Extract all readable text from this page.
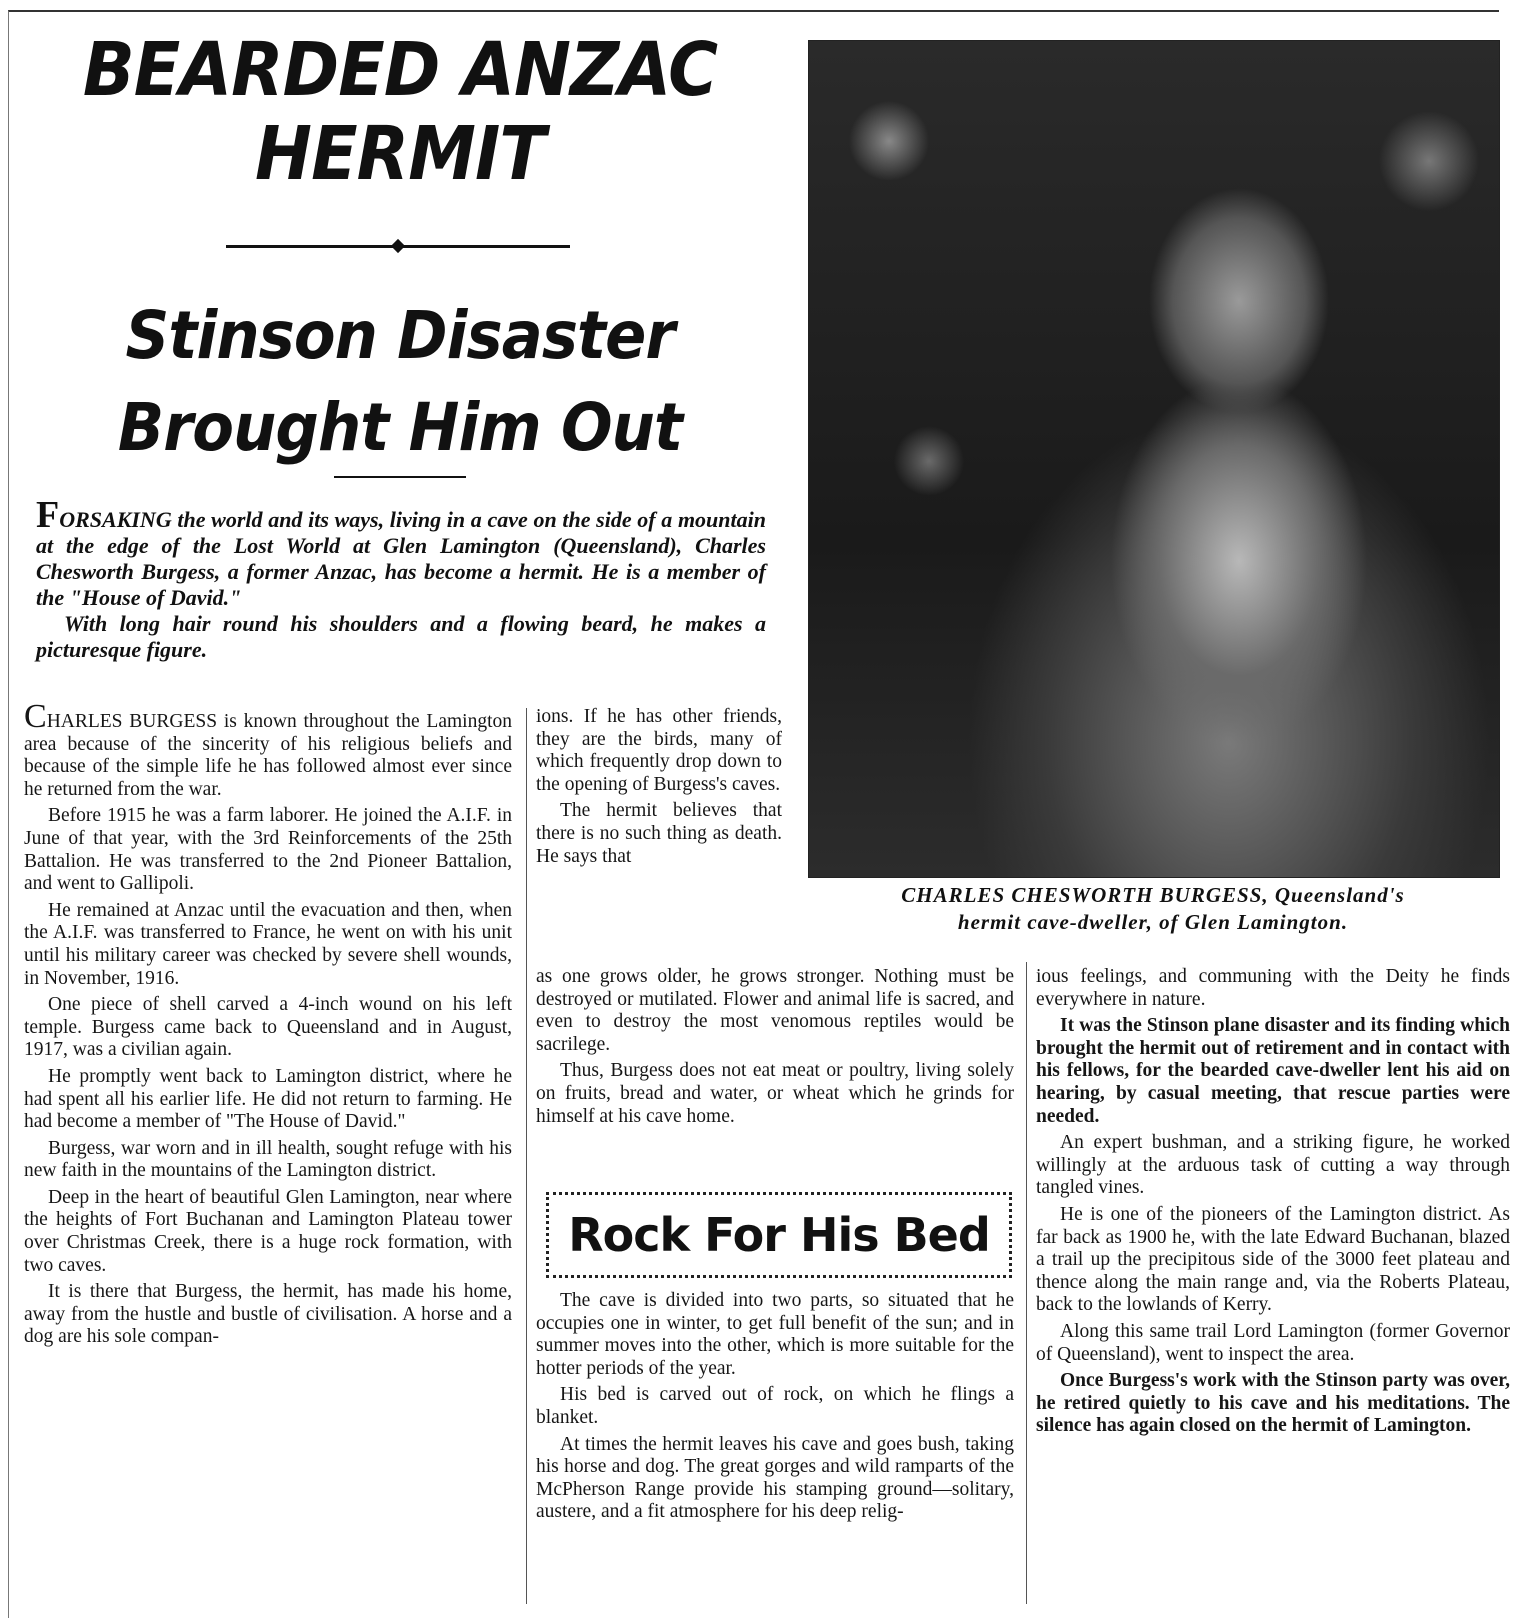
BEARDED ANZAC
HERMIT
Stinson Disaster
Brought Him Out
CHARLES CHESWORTH BURGESS, Queensland's
hermit cave-dweller, of Glen Lamington.

FORSAKING the world and its ways, living in a cave on the side of a mountain at the edge of the Lost World at Glen Lamington (Queensland), Charles Chesworth Burgess, a former Anzac, has become a hermit. He is a member of the "House of David."

With long hair round his shoulders and a flowing beard, he makes a picturesque figure.

CHARLES BURGESS is known throughout the Lamington area because of the sincerity of his religious beliefs and because of the simple life he has followed almost ever since he returned from the war.

Before 1915 he was a farm laborer. He joined the A.I.F. in June of that year, with the 3rd Reinforcements of the 25th Battalion. He was transferred to the 2nd Pioneer Battalion, and went to Gallipoli.

He remained at Anzac until the evacuation and then, when the A.I.F. was transferred to France, he went on with his unit until his military career was checked by severe shell wounds, in November, 1916.

One piece of shell carved a 4-inch wound on his left temple. Burgess came back to Queensland and in August, 1917, was a civilian again.

He promptly went back to Lamington district, where he had spent all his earlier life. He did not return to farming. He had become a member of "The House of David."

Burgess, war worn and in ill health, sought refuge with his new faith in the mountains of the Lamington district.

Deep in the heart of beautiful Glen Lamington, near where the heights of Fort Buchanan and Lamington Plateau tower over Christmas Creek, there is a huge rock formation, with two caves.

It is there that Burgess, the hermit, has made his home, away from the hustle and bustle of civilisation. A horse and a dog are his sole compan-

ions. If he has other friends, they are the birds, many of which frequently drop down to the opening of Burgess's caves.

The hermit believes that there is no such thing as death. He says that

as one grows older, he grows stronger. Nothing must be destroyed or mutilated. Flower and animal life is sacred, and even to destroy the most venomous reptiles would be sacrilege.

Thus, Burgess does not eat meat or poultry, living solely on fruits, bread and water, or wheat which he grinds for himself at his cave home.

Rock For His Bed

The cave is divided into two parts, so situated that he occupies one in winter, to get full benefit of the sun; and in summer moves into the other, which is more suitable for the hotter periods of the year.

His bed is carved out of rock, on which he flings a blanket.

At times the hermit leaves his cave and goes bush, taking his horse and dog. The great gorges and wild ramparts of the McPherson Range provide his stamping ground—solitary, austere, and a fit atmosphere for his deep relig-

ious feelings, and communing with the Deity he finds everywhere in nature.

It was the Stinson plane disaster and its finding which brought the hermit out of retirement and in contact with his fellows, for the bearded cave-dweller lent his aid on hearing, by casual meeting, that rescue parties were needed.

An expert bushman, and a striking figure, he worked willingly at the arduous task of cutting a way through tangled vines.

He is one of the pioneers of the Lamington district. As far back as 1900 he, with the late Edward Buchanan, blazed a trail up the precipitous side of the 3000 feet plateau and thence along the main range and, via the Roberts Plateau, back to the lowlands of Kerry.

Along this same trail Lord Lamington (former Governor of Queensland), went to inspect the area.

Once Burgess's work with the Stinson party was over, he retired quietly to his cave and his meditations. The silence has again closed on the hermit of Lamington.
